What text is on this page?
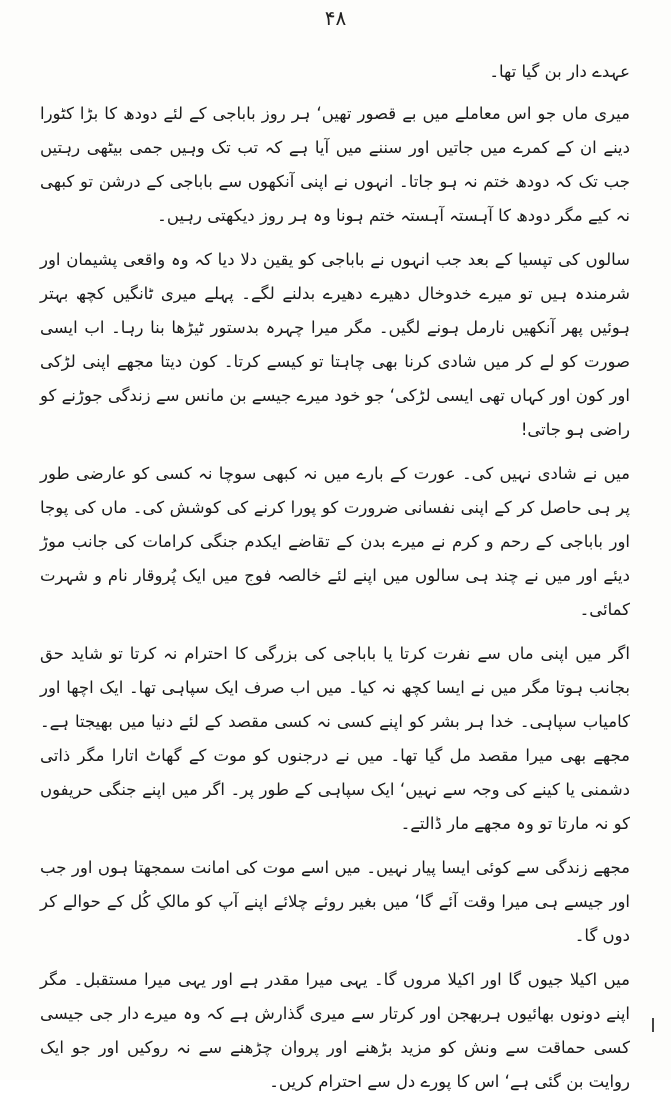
۴۸

عہدے دار بن گیا تھا۔

میری ماں جو اس معاملے میں بے قصور تھیں‘ ہر روز باباجی کے لئے دودھ کا بڑا کٹورا دینے ان کے کمرے میں جاتیں اور سننے میں آیا ہے کہ تب تک وہیں جمی بیٹھی رہتیں جب تک کہ دودھ ختم نہ ہو جاتا۔ انہوں نے اپنی آنکھوں سے باباجی کے درشن تو کبھی نہ کیے مگر دودھ کا آہستہ آہستہ ختم ہونا وہ ہر روز دیکھتی رہیں۔

سالوں کی تپسیا کے بعد جب انہوں نے باباجی کو یقین دلا دیا کہ وہ واقعی پشیمان اور شرمندہ ہیں تو میرے خدوخال دھیرے دھیرے بدلنے لگے۔ پہلے میری ٹانگیں کچھ بہتر ہوئیں پھر آنکھیں نارمل ہونے لگیں۔ مگر میرا چہرہ بدستور ٹیڑھا بنا رہا۔ اب ایسی صورت کو لے کر میں شادی کرنا بھی چاہتا تو کیسے کرتا۔ کون دیتا مجھے اپنی لڑکی اور کون اور کہاں تھی ایسی لڑکی‘ جو خود میرے جیسے بن مانس سے زندگی جوڑنے کو راضی ہو جاتی!

میں نے شادی نہیں کی۔ عورت کے بارے میں نہ کبھی سوچا نہ کسی کو عارضی طور پر ہی حاصل کر کے اپنی نفسانی ضرورت کو پورا کرنے کی کوشش کی۔ ماں کی پوجا اور باباجی کے رحم و کرم نے میرے بدن کے تقاضے ایکدم جنگی کرامات کی جانب موڑ دیئے اور میں نے چند ہی سالوں میں اپنے لئے خالصہ فوج میں ایک پُروقار نام و شہرت کمائی۔

اگر میں اپنی ماں سے نفرت کرتا یا باباجی کی بزرگی کا احترام نہ کرتا تو شاید حق بجانب ہوتا مگر میں نے ایسا کچھ نہ کیا۔ میں اب صرف ایک سپاہی تھا۔ ایک اچھا اور کامیاب سپاہی۔ خدا ہر بشر کو اپنے کسی نہ کسی مقصد کے لئے دنیا میں بھیجتا ہے۔ مجھے بھی میرا مقصد مل گیا تھا۔ میں نے درجنوں کو موت کے گھاٹ اتارا مگر ذاتی دشمنی یا کینے کی وجہ سے نہیں‘ ایک سپاہی کے طور پر۔ اگر میں اپنے جنگی حریفوں کو نہ مارتا تو وہ مجھے مار ڈالتے۔

مجھے زندگی سے کوئی ایسا پیار نہیں۔ میں اسے موت کی امانت سمجھتا ہوں اور جب اور جیسے ہی میرا وقت آئے گا‘ میں بغیر روئے چلائے اپنے آپ کو مالکِ کُل کے حوالے کر دوں گا۔

میں اکیلا جیوں گا اور اکیلا مروں گا۔ یہی میرا مقدر ہے اور یہی میرا مستقبل۔ مگر اپنے دونوں بھائیوں ہربھجن اور کرتار سے میری گذارش ہے کہ وہ میرے دار جی جیسی کسی حماقت سے ونش کو مزید بڑھنے اور پروان چڑھنے سے نہ روکیں اور جو ایک روایت بن گئی ہے‘ اس کا پورے دل سے احترام کریں۔
